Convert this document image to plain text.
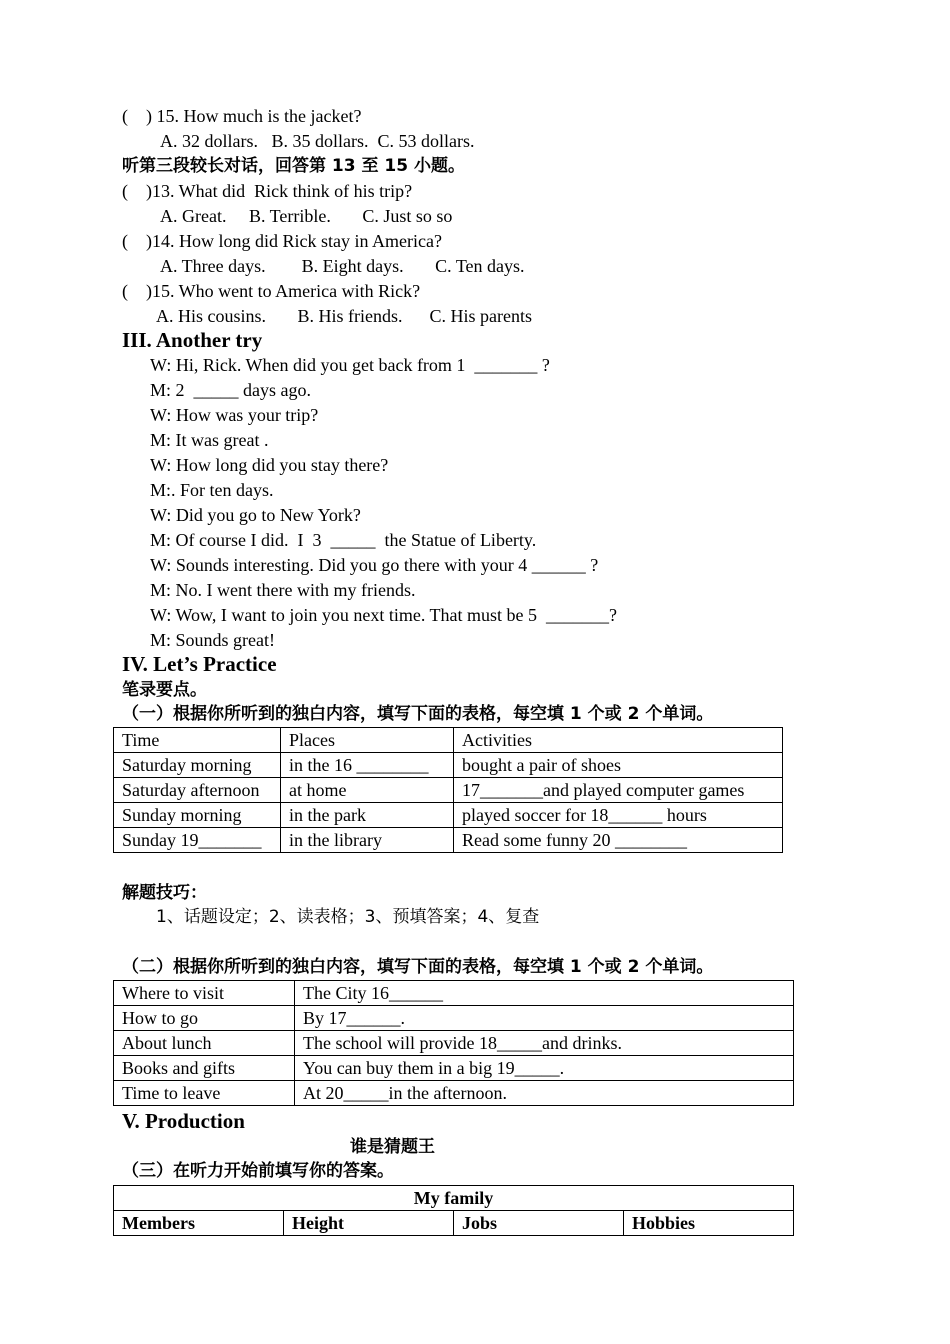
(    ) 15. How much is the jacket?
A. 32 dollars.   B. 35 dollars.  C. 53 dollars.
听第三段较长对话，回答第 13 至 15 小题。
(    )13. What did  Rick think of his trip?
A. Great.     B. Terrible.       C. Just so so
(    )14. How long did Rick stay in America?
A. Three days.        B. Eight days.       C. Ten days.
(    )15. Who went to America with Rick?
A. His cousins.       B. His friends.      C. His parents
III. Another try
W: Hi, Rick. When did you get back from 1  _______ ?
M: 2  _____ days ago.
W: How was your trip?
M: It was great .
W: How long did you stay there?
M:. For ten days.
W: Did you go to New York?
M: Of course I did.  I  3  _____  the Statue of Liberty.
W: Sounds interesting. Did you go there with your 4 ______ ?
M: No. I went there with my friends.
W: Wow, I want to join you next time. That must be 5  _______?
M: Sounds great!
IV. Let’s Practice
笔录要点。
（一）根据你所听到的独白内容，填写下面的表格，每空填 1 个或 2 个单词。
Time	Places	Activities
Saturday morning	in the 16 ________	bought a pair of shoes
Saturday afternoon	at home	17_______and played computer games
Sunday morning	in the park	played soccer for 18______ hours
Sunday 19_______	in the library	Read some funny 20 ________
解题技巧：
1、话题设定；2、读表格；3、预填答案；4、复查
（二）根据你所听到的独白内容，填写下面的表格，每空填 1 个或 2 个单词。
Where to visit	The City 16______
How to go	By 17______.
About lunch	The school will provide 18_____and drinks.
Books and gifts	You can buy them in a big 19_____.
Time to leave	At 20_____in the afternoon.
V. Production
谁是猜题王
（三）在听力开始前填写你的答案。
My family
Members	Height	Jobs	Hobbies
